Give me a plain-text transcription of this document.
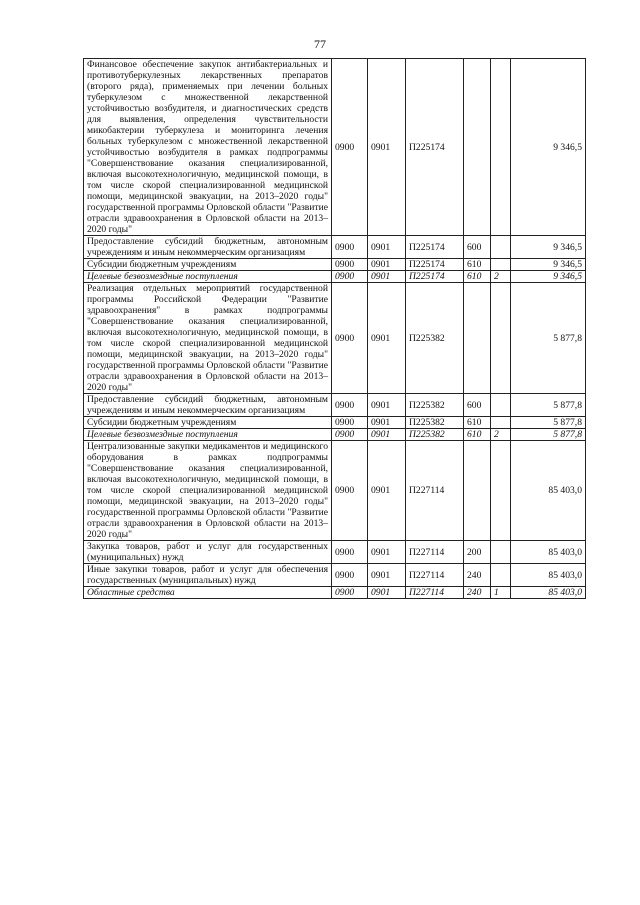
77
Финансовое обеспечение закупок антибактериальных и противотуберкулезных лекарственных препаратов (второго ряда), применяемых при лечении больных туберкулезом с множественной лекарственной устойчивостью возбудителя, и диагностических средств для выявления, определения чувствительности микобактерии туберкулеза и мониторинга лечения больных туберкулезом с множественной лекарственной устойчивостью возбудителя в рамках подпрограммы "Совершенствование оказания специализированной, включая высокотехнологичную, медицинской помощи, в том числе скорой специализированной медицинской помощи, медицинской эвакуации, на 2013–2020 годы" государственной программы Орловской области "Развитие отрасли здравоохранения в Орловской области на 2013–2020 годы"	0900	0901	П225174			9 346,5
Предоставление субсидий бюджетным, автономным учреждениям и иным некоммерческим организациям	0900	0901	П225174	600		9 346,5
Субсидии бюджетным учреждениям	0900	0901	П225174	610		9 346,5
Целевые безвозмездные поступления	0900	0901	П225174	610	2	9 346,5
Реализация отдельных мероприятий государственной программы Российской Федерации "Развитие здравоохранения" в рамках подпрограммы "Совершенствование оказания специализированной, включая высокотехнологичную, медицинской помощи, в том числе скорой специализированной медицинской помощи, медицинской эвакуации, на 2013–2020 годы" государственной программы Орловской области "Развитие отрасли здравоохранения в Орловской области на 2013–2020 годы"	0900	0901	П225382			5 877,8
Предоставление субсидий бюджетным, автономным учреждениям и иным некоммерческим организациям	0900	0901	П225382	600		5 877,8
Субсидии бюджетным учреждениям	0900	0901	П225382	610		5 877,8
Целевые безвозмездные поступления	0900	0901	П225382	610	2	5 877,8
Централизованные закупки медикаментов и медицинского оборудования в рамках подпрограммы "Совершенствование оказания специализированной, включая высокотехнологичную, медицинской помощи, в том числе скорой специализированной медицинской помощи, медицинской эвакуации, на 2013–2020 годы" государственной программы Орловской области "Развитие отрасли здравоохранения в Орловской области на 2013–2020 годы"	0900	0901	П227114			85 403,0
Закупка товаров, работ и услуг для государственных (муниципальных) нужд	0900	0901	П227114	200		85 403,0
Иные закупки товаров, работ и услуг для обеспечения государственных (муниципальных) нужд	0900	0901	П227114	240		85 403,0
Областные средства	0900	0901	П227114	240	1	85 403,0
